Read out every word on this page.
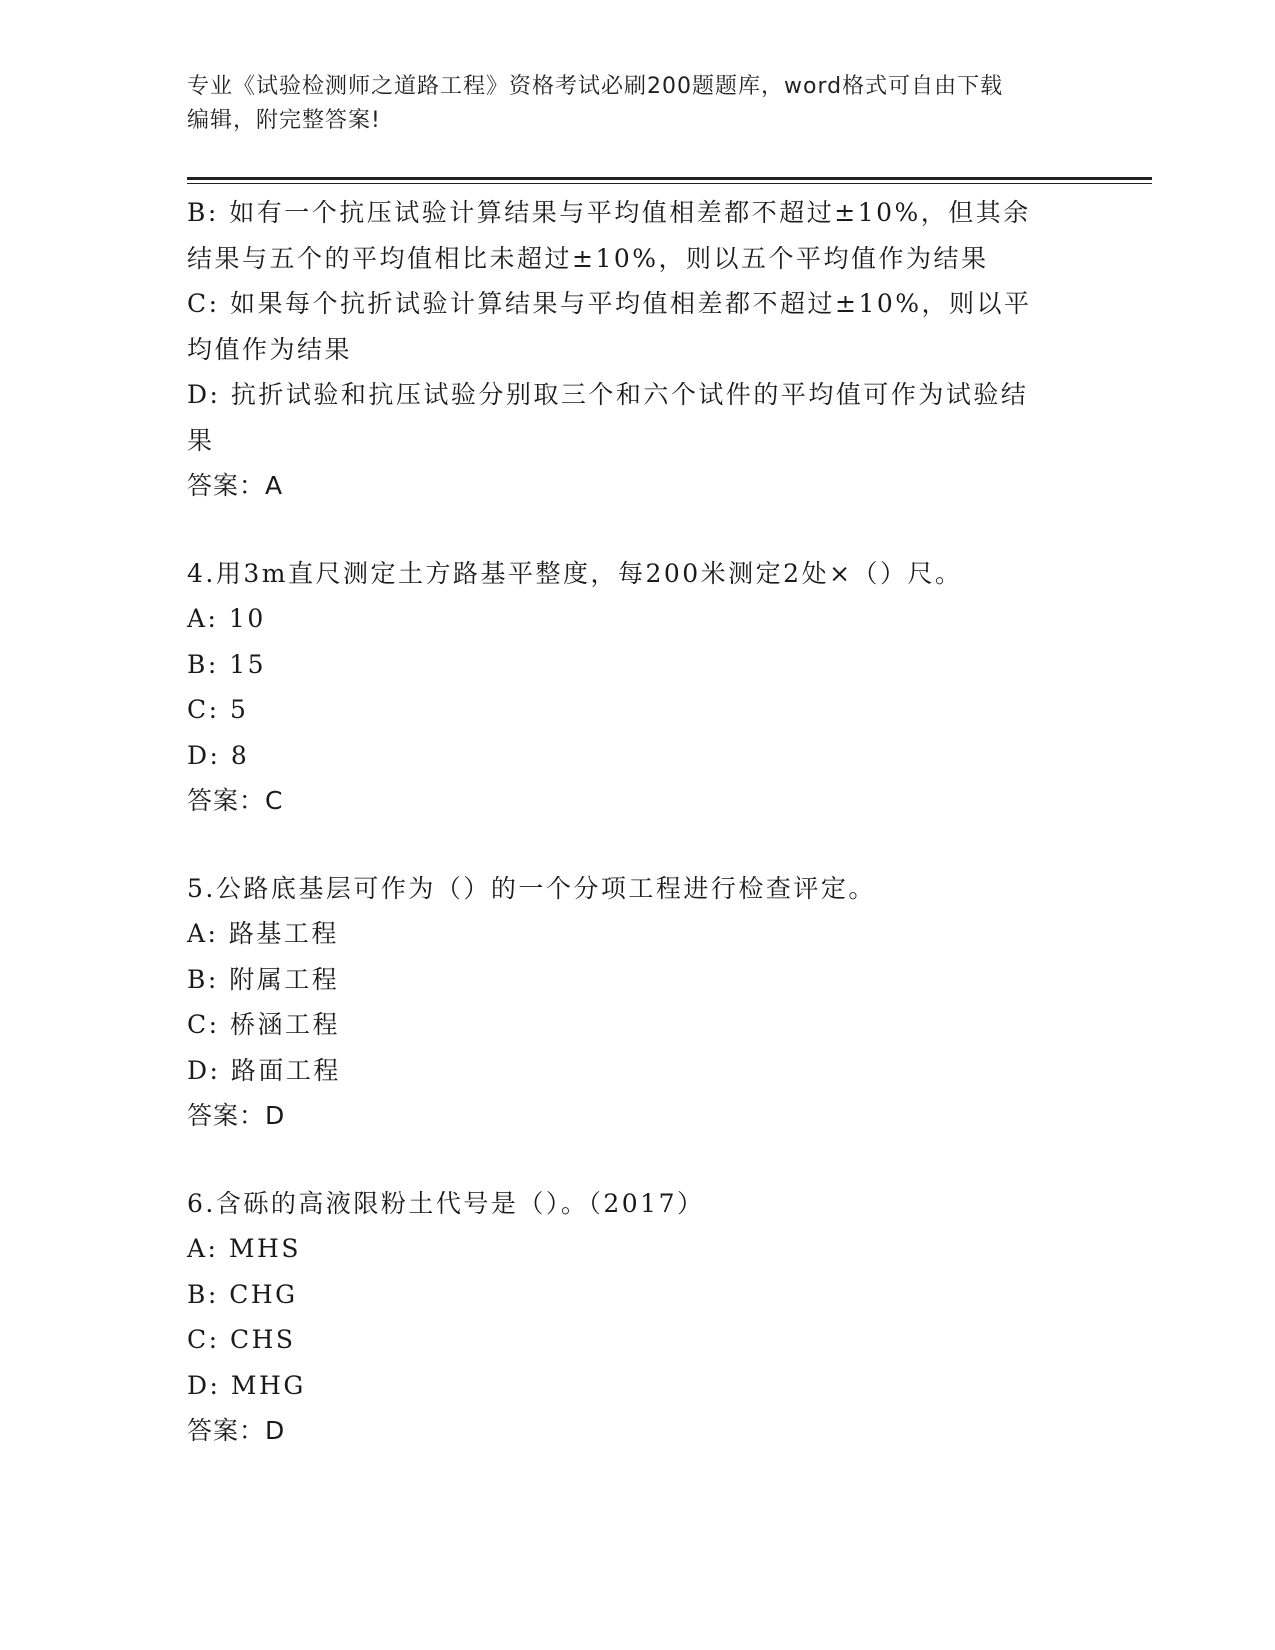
专业《试验检测师之道路工程》资格考试必刷200题题库，word格式可自由下载
编辑，附完整答案!
B: 如有一个抗压试验计算结果与平均值相差都不超过±10%，但其余
结果与五个的平均值相比未超过±10%，则以五个平均值作为结果
C: 如果每个抗折试验计算结果与平均值相差都不超过±10%，则以平
均值作为结果
D: 抗折试验和抗压试验分别取三个和六个试件的平均值可作为试验结
果
答案：A
4.用3m直尺测定土方路基平整度，每200米测定2处×（）尺。
A: 10
B: 15
C: 5
D: 8
答案：C
5.公路底基层可作为（）的一个分项工程进行检查评定。
A: 路基工程
B: 附属工程
C: 桥涵工程
D: 路面工程
答案：D
6.含砾的高液限粉土代号是（）。（2017）
A: MHS
B: CHG
C: CHS
D: MHG
答案：D
